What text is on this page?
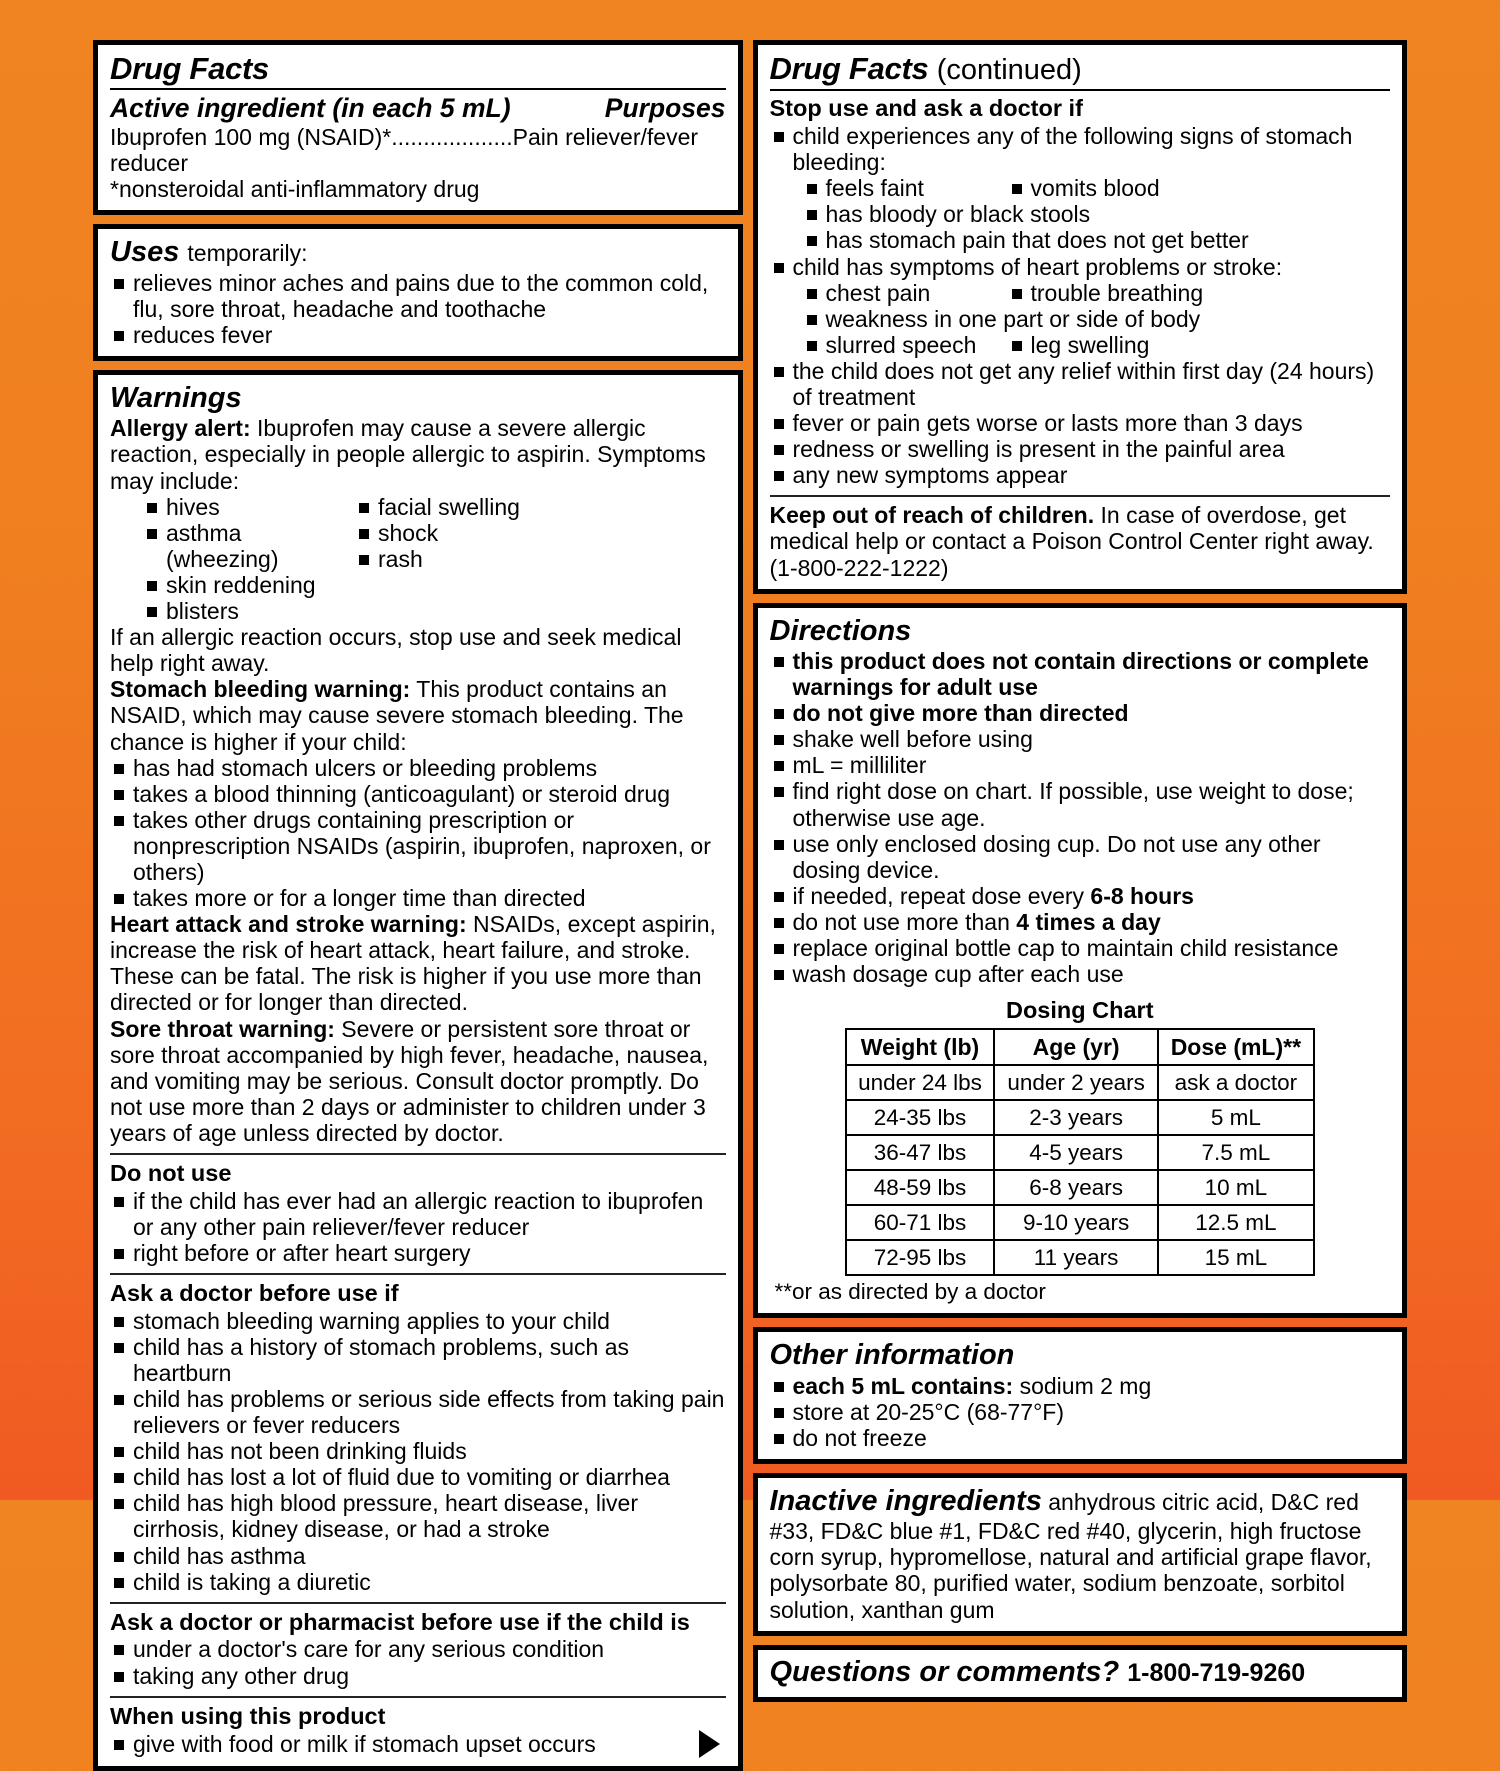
Drug Facts
Active ingredient (in each 5 mL)	Purposes
Ibuprofen 100 mg (NSAID)*...................Pain reliever/fever reducer
*nonsteroidal anti-inflammatory drug
Uses temporarily:
relieves minor aches and pains due to the common cold, flu, sore throat, headache and toothache
reduces fever
Warnings
Allergy alert: Ibuprofen may cause a severe allergic reaction, especially in people allergic to aspirin. Symptoms may include:
hives
asthma (wheezing)
skin reddening
blisters
facial swelling
shock
rash
If an allergic reaction occurs, stop use and seek medical help right away.
Stomach bleeding warning: This product contains an NSAID, which may cause severe stomach bleeding. The chance is higher if your child:
has had stomach ulcers or bleeding problems
takes a blood thinning (anticoagulant) or steroid drug
takes other drugs containing prescription or nonprescription NSAIDs (aspirin, ibuprofen, naproxen, or others)
takes more or for a longer time than directed
Heart attack and stroke warning: NSAIDs, except aspirin, increase the risk of heart attack, heart failure, and stroke. These can be fatal. The risk is higher if you use more than directed or for longer than directed.
Sore throat warning: Severe or persistent sore throat or sore throat accompanied by high fever, headache, nausea, and vomiting may be serious. Consult doctor promptly. Do not use more than 2 days or administer to children under 3 years of age unless directed by doctor.
Do not use
if the child has ever had an allergic reaction to ibuprofen or any other pain reliever/fever reducer
right before or after heart surgery
Ask a doctor before use if
stomach bleeding warning applies to your child
child has a history of stomach problems, such as heartburn
child has problems or serious side effects from taking pain relievers or fever reducers
child has not been drinking fluids
child has lost a lot of fluid due to vomiting or diarrhea
child has high blood pressure, heart disease, liver cirrhosis, kidney disease, or had a stroke
child has asthma
child is taking a diuretic
Ask a doctor or pharmacist before use if the child is
under a doctor's care for any serious condition
taking any other drug
When using this product
give with food or milk if stomach upset occurs
Drug Facts (continued)
Stop use and ask a doctor if
child experiences any of the following signs of stomach bleeding:
feels faint	vomits blood
has bloody or black stools
has stomach pain that does not get better
child has symptoms of heart problems or stroke:
chest pain	trouble breathing
weakness in one part or side of body
slurred speech	leg swelling
the child does not get any relief within first day (24 hours) of treatment
fever or pain gets worse or lasts more than 3 days
redness or swelling is present in the painful area
any new symptoms appear
Keep out of reach of children. In case of overdose, get medical help or contact a Poison Control Center right away. (1-800-222-1222)
Directions
this product does not contain directions or complete warnings for adult use
do not give more than directed
shake well before using
mL = milliliter
find right dose on chart. If possible, use weight to dose; otherwise use age.
use only enclosed dosing cup. Do not use any other dosing device.
if needed, repeat dose every 6-8 hours
do not use more than 4 times a day
replace original bottle cap to maintain child resistance
wash dosage cup after each use
Dosing Chart
Weight (lb)	Age (yr)	Dose (mL)**
under 24 lbs	under 2 years	ask a doctor
24-35 lbs	2-3 years	5 mL
36-47 lbs	4-5 years	7.5 mL
48-59 lbs	6-8 years	10 mL
60-71 lbs	9-10 years	12.5 mL
72-95 lbs	11 years	15 mL
**or as directed by a doctor
Other information
each 5 mL contains: sodium 2 mg
store at 20-25°C (68-77°F)
do not freeze
Inactive ingredients anhydrous citric acid, D&C red #33, FD&C blue #1, FD&C red #40, glycerin, high fructose corn syrup, hypromellose, natural and artificial grape flavor, polysorbate 80, purified water, sodium benzoate, sorbitol solution, xanthan gum
Questions or comments? 1-800-719-9260
